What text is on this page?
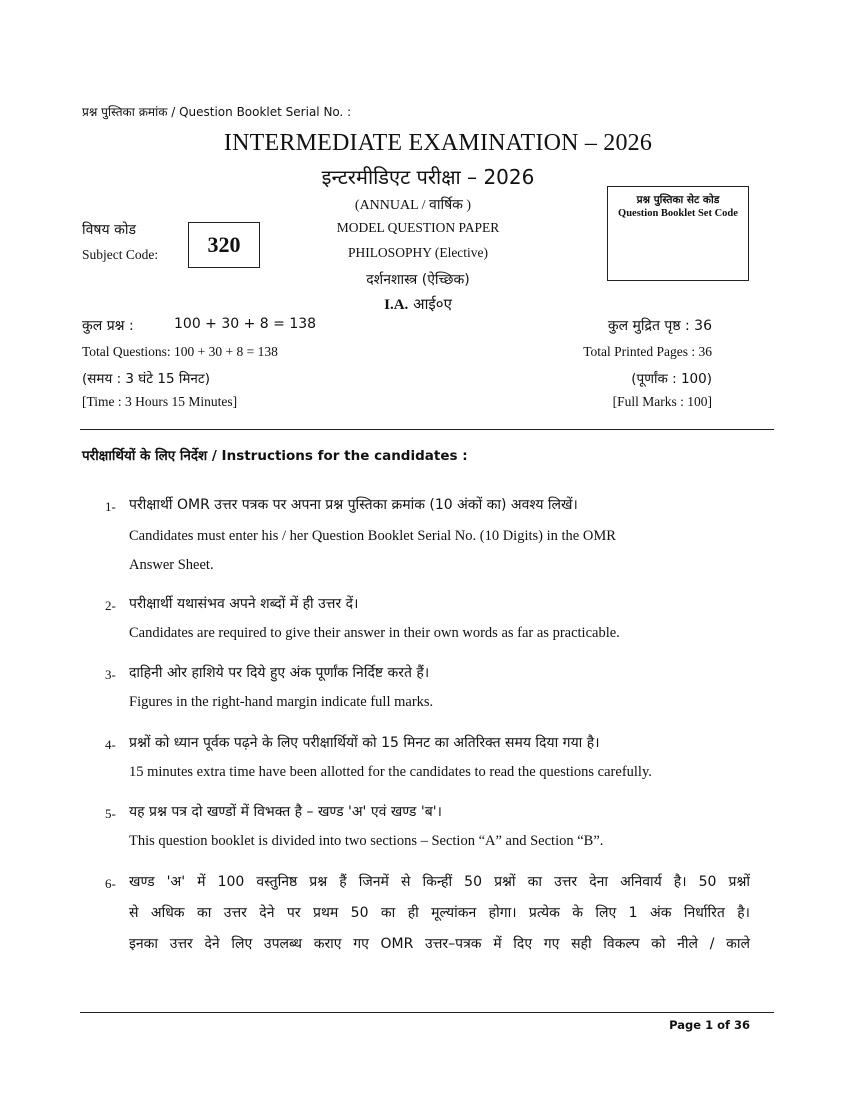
प्रश्न पुस्तिका क्रमांक / Question Booklet Serial No. :
INTERMEDIATE EXAMINATION – 2026
इन्टरमीडिएट परीक्षा – 2026
(ANNUAL / वार्षिक )
MODEL QUESTION PAPER
PHILOSOPHY (Elective)
दर्शनशास्त्र (ऐच्छिक)
I.A. आई०ए
विषय कोड
Subject Code: 320
प्रश्न पुस्तिका सेट कोड
Question Booklet Set Code
कुल प्रश्न :	100 + 30 + 8 = 138
Total Questions: 100 + 30 + 8 = 138
(समय : 3 घंटे 15 मिनट)
[Time : 3 Hours 15 Minutes]
कुल मुद्रित पृष्ठ : 36
Total Printed Pages : 36
(पूर्णांक : 100)
[Full Marks : 100]
परीक्षार्थियों के लिए निर्देश / Instructions for the candidates :
1- परीक्षार्थी OMR उत्तर पत्रक पर अपना प्रश्न पुस्तिका क्रमांक (10 अंकों का) अवश्य लिखें।
Candidates must enter his / her Question Booklet Serial No. (10 Digits) in the OMR
Answer Sheet.
2- परीक्षार्थी यथासंभव अपने शब्दों में ही उत्तर दें।
Candidates are required to give their answer in their own words as far as practicable.
3- दाहिनी ओर हाशिये पर दिये हुए अंक पूर्णांक निर्दिष्ट करते हैं।
Figures in the right-hand margin indicate full marks.
4- प्रश्नों को ध्यान पूर्वक पढ़ने के लिए परीक्षार्थियों को 15 मिनट का अतिरिक्त समय दिया गया है।
15 minutes extra time have been allotted for the candidates to read the questions carefully.
5- यह प्रश्न पत्र दो खण्डों में विभक्त है – खण्ड 'अ' एवं खण्ड 'ब'।
This question booklet is divided into two sections – Section “A” and Section “B”.
6- खण्ड 'अ' में 100 वस्तुनिष्ठ प्रश्न हैं जिनमें से किन्हीं 50 प्रश्नों का उत्तर देना अनिवार्य है। 50 प्रश्नों
से अधिक का उत्तर देने पर प्रथम 50 का ही मूल्यांकन होगा। प्रत्येक के लिए 1 अंक निर्धारित है।
इनका उत्तर देने लिए उपलब्ध कराए गए OMR उत्तर–पत्रक में दिए गए सही विकल्प को नीले / काले
Page 1 of 36
